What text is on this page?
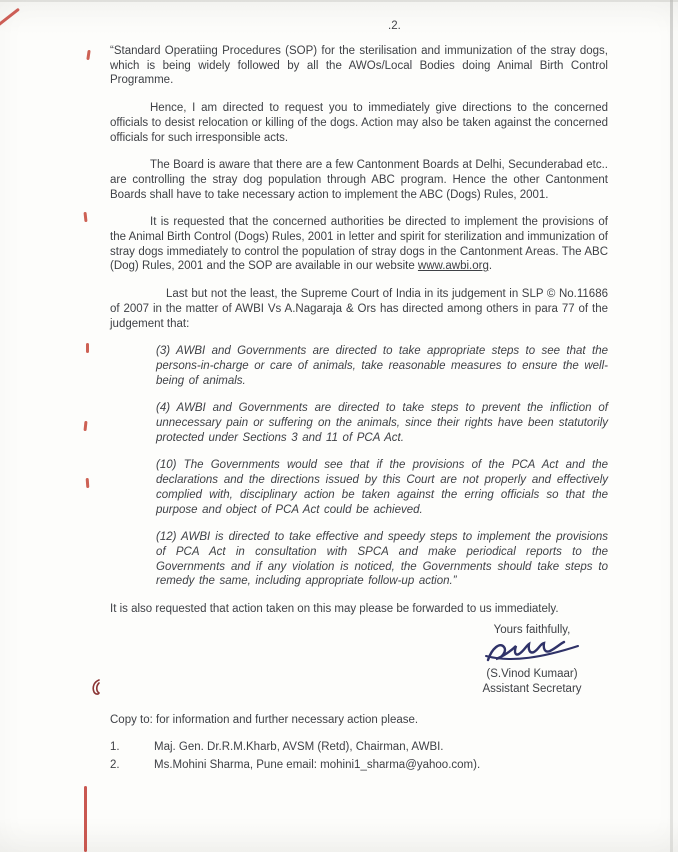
.2.

“Standard Operatiing Procedures (SOP) for the sterilisation and immunization of the stray dogs, which is being widely followed by all the AWOs/Local Bodies doing Animal Birth Control Programme.

Hence, I am directed to request you to immediately give directions to the concerned officials to desist relocation or killing of the dogs. Action may also be taken against the concerned officials for such irresponsible acts.

The Board is aware that there are a few Cantonment Boards at Delhi, Secunderabad etc.. are controlling the stray dog population through ABC program. Hence the other Cantonment Boards shall have to take necessary action to implement the ABC (Dogs) Rules, 2001.

It is requested that the concerned authorities be directed to implement the provisions of the Animal Birth Control (Dogs) Rules, 2001 in letter and spirit for sterilization and immunization of stray dogs immediately to control the population of stray dogs in the Cantonment Areas. The ABC (Dog) Rules, 2001 and the SOP are available in our website www.awbi.org.

Last but not the least, the Supreme Court of India in its judgement in SLP © No.11686 of 2007 in the matter of AWBI Vs A.Nagaraja & Ors has directed among others in para 77 of the judgement that:

(3) AWBI and Governments are directed to take appropriate steps to see that the persons-in-charge or care of animals, take reasonable measures to ensure the well-being of animals.

(4) AWBI and Governments are directed to take steps to prevent the infliction of unnecessary pain or suffering on the animals, since their rights have been statutorily protected under Sections 3 and 11 of PCA Act.

(10) The Governments would see that if the provisions of the PCA Act and the declarations and the directions issued by this Court are not properly and effectively complied with, disciplinary action be taken against the erring officials so that the purpose and object of PCA Act could be achieved.

(12) AWBI is directed to take effective and speedy steps to implement the provisions of PCA Act in consultation with SPCA and make periodical reports to the Governments and if any violation is noticed, the Governments should take steps to remedy the same, including appropriate follow-up action.”

It is also requested that action taken on this may please be forwarded to us immediately.

Yours faithfully,
(S.Vinod Kumaar)
Assistant Secretary

Copy to: for information and further necessary action please.

1.	Maj. Gen. Dr.R.M.Kharb, AVSM (Retd), Chairman, AWBI.
2.	Ms.Mohini Sharma, Pune email: mohini1_sharma@yahoo.com).
